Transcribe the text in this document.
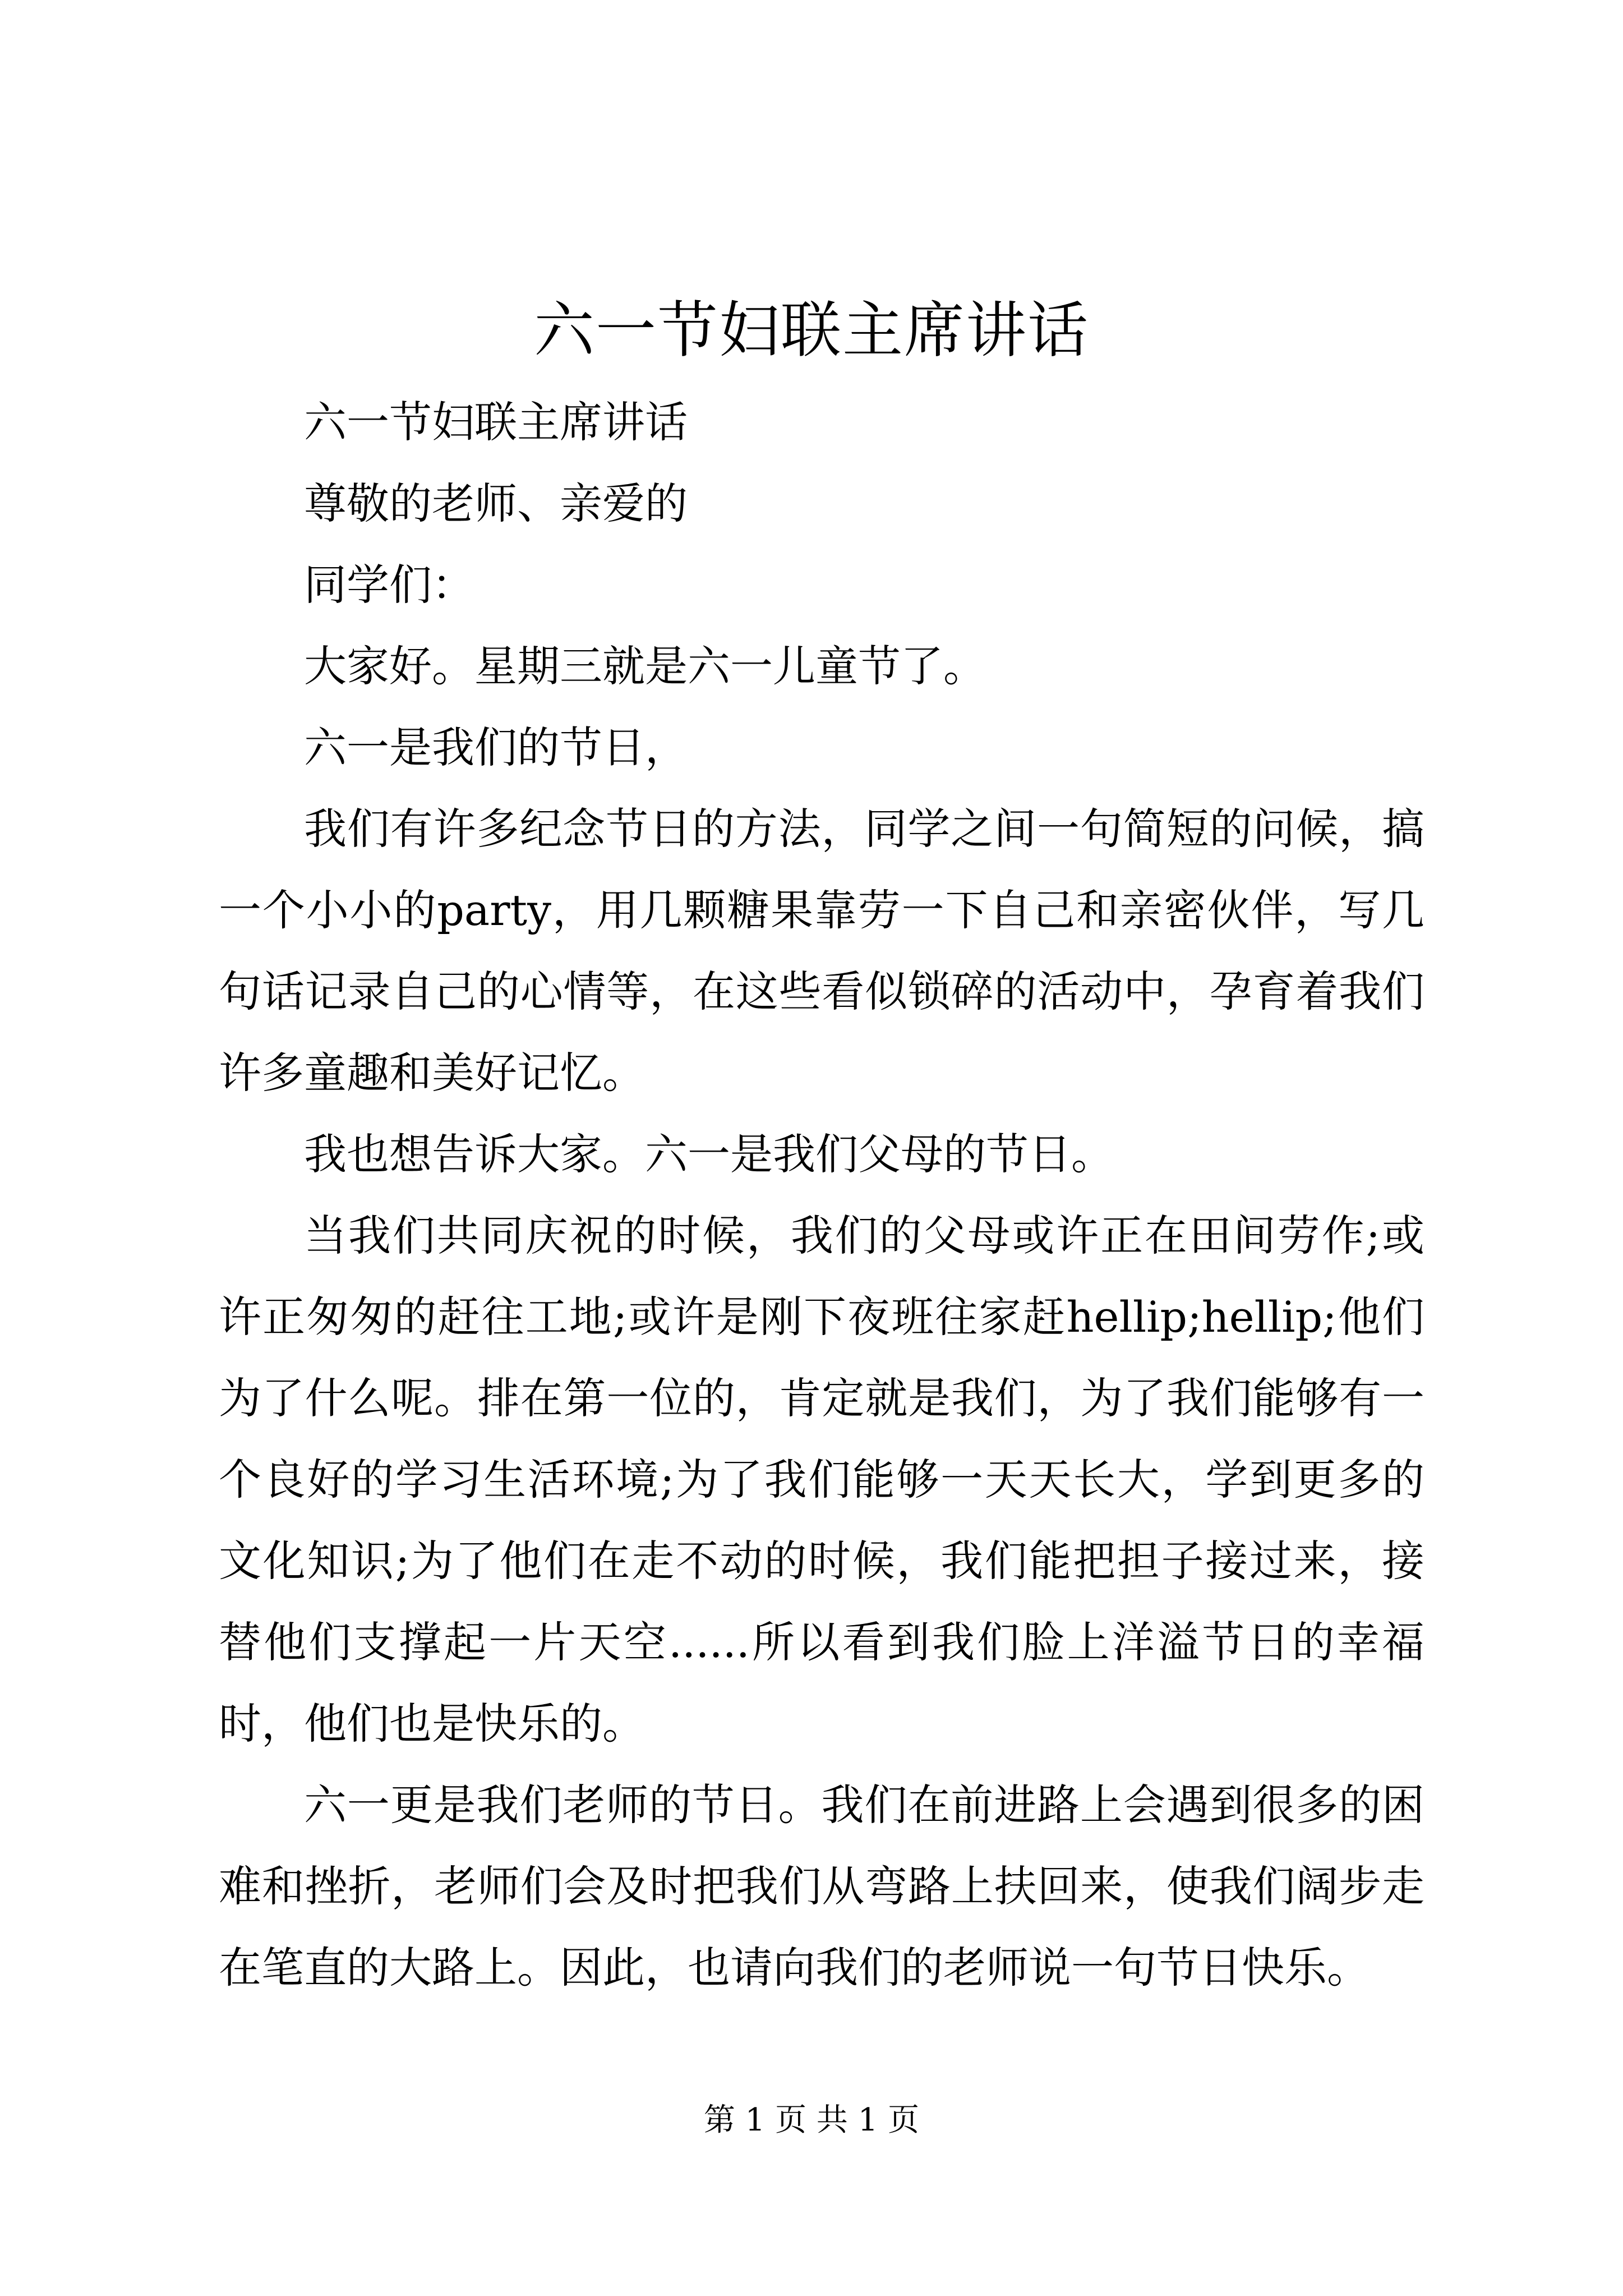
六一节妇联主席讲话

六一节妇联主席讲话

尊敬的老师、亲爱的

同学们：

大家好。星期三就是六一儿童节了。

六一是我们的节日，

我们有许多纪念节日的方法，同学之间一句简短的问候，搞一个小小的party，用几颗糖果靠劳一下自己和亲密伙伴，写几句话记录自己的心情等，在这些看似锁碎的活动中，孕育着我们许多童趣和美好记忆。

我也想告诉大家。六一是我们父母的节日。

当我们共同庆祝的时候，我们的父母或许正在田间劳作;或许正匆匆的赶往工地;或许是刚下夜班往家赶hellip;hellip;他们为了什么呢。排在第一位的，肯定就是我们，为了我们能够有一个良好的学习生活环境;为了我们能够一天天长大，学到更多的文化知识;为了他们在走不动的时候，我们能把担子接过来，接替他们支撑起一片天空......所以看到我们脸上洋溢节日的幸福时，他们也是快乐的。

六一更是我们老师的节日。我们在前进路上会遇到很多的困难和挫折，老师们会及时把我们从弯路上扶回来，使我们阔步走在笔直的大路上。因此，也请向我们的老师说一句节日快乐。

第 1 页 共 1 页
